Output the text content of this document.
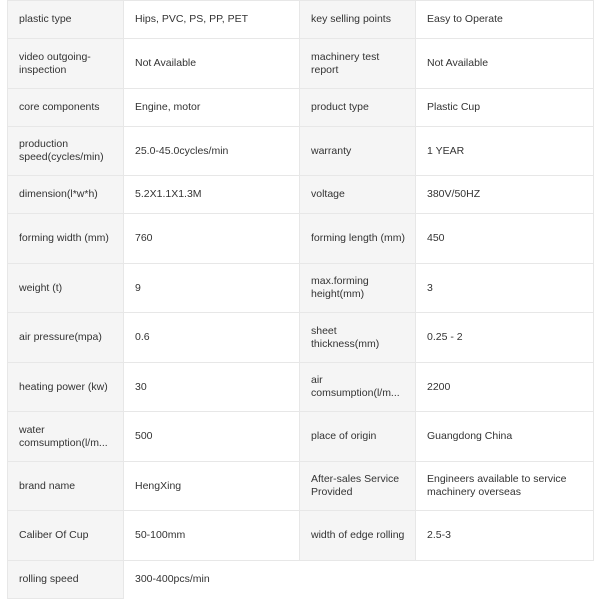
plastic type	Hips, PVC, PS, PP, PET	key selling points	Easy to Operate
video outgoing-inspection	Not Available	machinery test report	Not Available
core components	Engine, motor	product type	Plastic Cup
production speed(cycles/min)	25.0-45.0cycles/min	warranty	1 YEAR
dimension(l*w*h)	5.2X1.1X1.3M	voltage	380V/50HZ
forming width (mm)	760	forming length (mm)	450
weight (t)	9	max.forming height(mm)	3
air pressure(mpa)	0.6	sheet thickness(mm)	0.25 - 2
heating power (kw)	30	air comsumption(l/m...	2200
water comsumption(l/m...	500	place of origin	Guangdong China
brand name	HengXing	After-sales Service Provided	Engineers available to service machinery overseas
Caliber Of Cup	50-100mm	width of edge rolling	2.5-3
rolling speed	300-400pcs/min		
